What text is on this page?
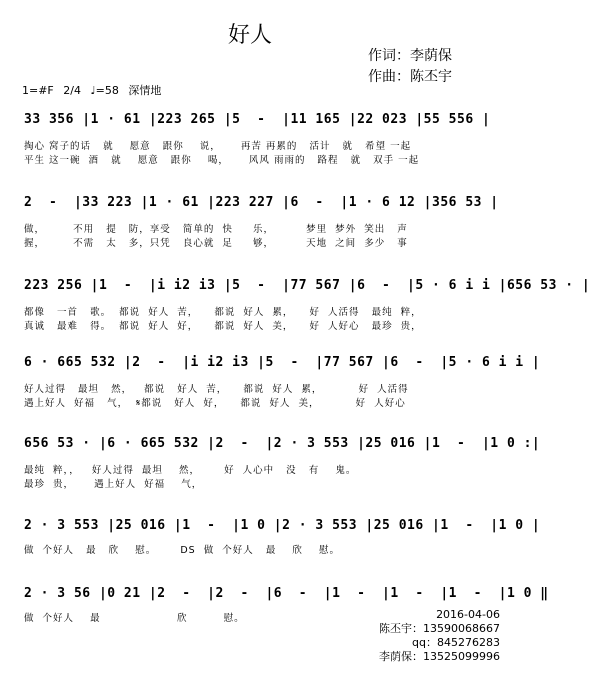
好人
作词：李荫保
作曲：陈丕宇
1=#F 2/4 ♩=58 深情地
33 356 |1 · 61 |223 265 |5  -  |11 165 |22 023 |55 556 |
掏心 窝子的话   就    愿意   跟你    说，     再苦 再累的   活计   就   希望 一起
平生 这一碗  酒   就    愿意   跟你    喝，     风风 雨雨的   路程   就   双手 一起
2  -  |33 223 |1 · 61 |223 227 |6  -  |1 · 6 12 |356 53 |
做，       不用   提   防，享受   简单的  快     乐，        梦里  梦外  笑出   声
握，       不需   太   多，只凭   良心就  足     够，        天地  之间  多少   事
223 256 |1  -  |i i2 i3 |5  -  |77 567 |6  -  |5 · 6 i i |656 53 · |
都像   一首   歌。  都说  好人  苦，    都说  好人  累，    好  人活得   最纯  粹，
真诚   最难   得。  都说  好人  好，    都说  好人  美，    好  人好心   最珍  贵，
6 · 665 532 |2  -  |i i2 i3 |5  -  |77 567 |6  -  |5 · 6 i i |
好人过得   最坦   然，   都说   好人  苦，    都说  好人  累，         好  人活得
遇上好人  好福   气，  𝄋都说   好人  好，    都说  好人  美，         好  人好心
656 53 · |6 · 665 532 |2  -  |2 · 3 553 |25 016 |1  -  |1 0 :|
最纯  粹，，   好人过得  最坦    然，      好  人心中   没   有    鬼。
最珍  贵，     遇上好人  好福    气，
2 · 3 553 |25 016 |1  -  |1 0 |2 · 3 553 |25 016 |1  -  |1 0 |
做  个好人   最   欣    慰。      DS  做  个好人   最    欣    慰。
2 · 3 56 |0 21 |2  -  |2  -  |6  -  |1  -  |1  -  |1  -  |1 0 ‖
做  个好人    最                   欣         慰。	2016-04-06
陈丕宇：13590068667
qq：845276283
李荫保：13525099996
